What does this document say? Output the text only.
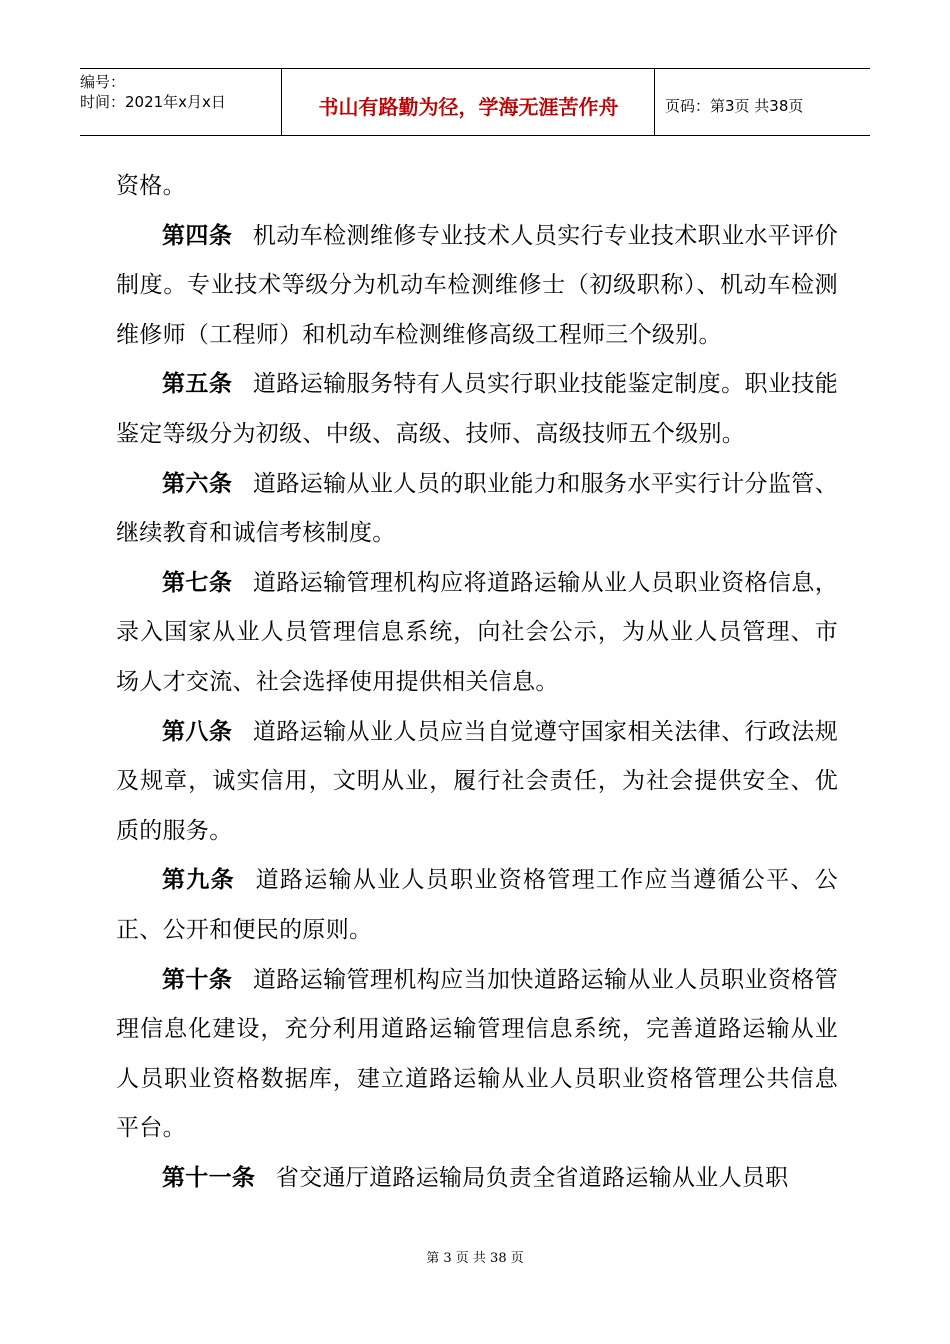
编号：
时间：2021年x月x日	书山有路勤为径，学海无涯苦作舟	页码：第3页 共38页

资格。

第四条 机动车检测维修专业技术人员实行专业技术职业水平评价制度。专业技术等级分为机动车检测维修士（初级职称）、机动车检测维修师（工程师）和机动车检测维修高级工程师三个级别。

第五条 道路运输服务特有人员实行职业技能鉴定制度。职业技能鉴定等级分为初级、中级、高级、技师、高级技师五个级别。

第六条 道路运输从业人员的职业能力和服务水平实行计分监管、继续教育和诚信考核制度。

第七条 道路运输管理机构应将道路运输从业人员职业资格信息，录入国家从业人员管理信息系统，向社会公示，为从业人员管理、市场人才交流、社会选择使用提供相关信息。

第八条 道路运输从业人员应当自觉遵守国家相关法律、行政法规及规章，诚实信用，文明从业，履行社会责任，为社会提供安全、优质的服务。

第九条 道路运输从业人员职业资格管理工作应当遵循公平、公正、公开和便民的原则。

第十条 道路运输管理机构应当加快道路运输从业人员职业资格管理信息化建设，充分利用道路运输管理信息系统，完善道路运输从业人员职业资格数据库，建立道路运输从业人员职业资格管理公共信息平台。

第十一条 省交通厅道路运输局负责全省道路运输从业人员职

第 3 页 共 38 页
